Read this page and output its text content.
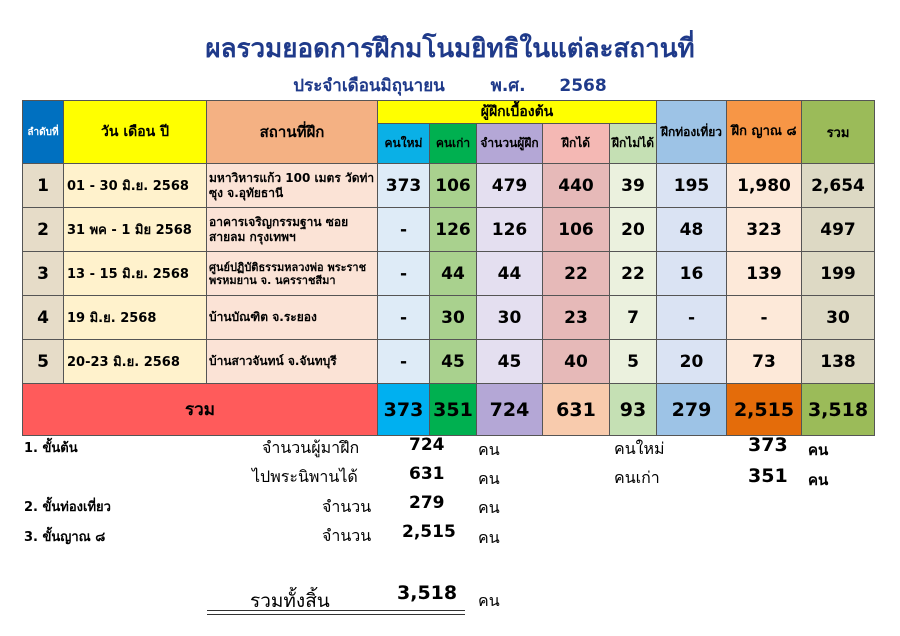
ผลรวมยอดการฝึกมโนมยิทธิในแต่ละสถานที่
ประจำเดือนมิถุนายน	พ.ศ. 2568
ลำดับที่	วัน เดือน ปี	สถานที่ฝึก	ผู้ฝึกเบื้องต้น					ฝึกท่องเที่ยว	ฝึก ญาณ ๘	รวม
			คนใหม่	คนเก่า	จำนวนผู้ฝึก	ฝึกได้	ฝึกไม่ได้			
1	01 - 30 มิ.ย. 2568	มหาวิหารแก้ว 100 เมตร วัดท่าซุง จ.อุทัยธานี	373	106	479	440	39	195	1,980	2,654
2	31 พค - 1 มิย 2568	อาคารเจริญกรรมฐาน ซอยสายลม กรุงเทพฯ	-	126	126	106	20	48	323	497
3	13 - 15 มิ.ย. 2568	ศูนย์ปฏิบัติธรรมหลวงพ่อ พระราชพรหมยาน จ. นครราชสีมา	-	44	44	22	22	16	139	199
4	19 มิ.ย. 2568	บ้านบัณฑิต จ.ระยอง	-	30	30	23	7	-	-	30
5	20-23 มิ.ย. 2568	บ้านสาวจันทน์ จ.จันทบุรี	-	45	45	40	5	20	73	138
รวม			373	351	724	631	93	279	2,515	3,518
1. ขั้นต้น	จำนวนผู้มาฝึก	724 คน	คนใหม่	373 คน
ไปพระนิพานได้	631 คน	คนเก่า	351 คน
2. ขั้นท่องเที่ยว	จำนวน 279 คน
3. ขั้นญาณ ๘	จำนวน 2,515 คน
รวมทั้งสิ้น	3,518 คน
